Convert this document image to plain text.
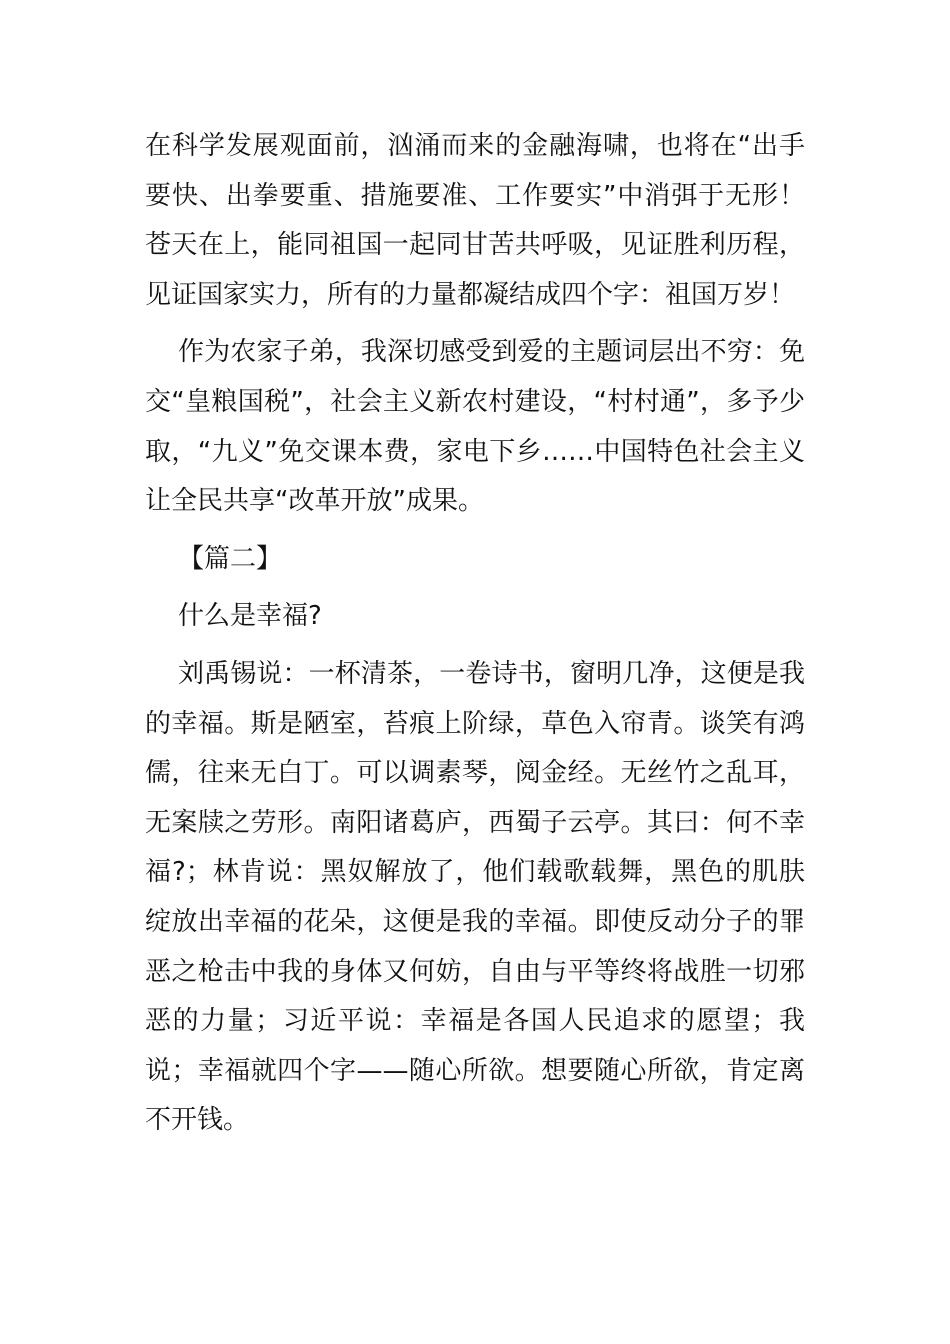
在科学发展观面前，汹涌而来的金融海啸，也将在“出手要快、出拳要重、措施要准、工作要实”中消弭于无形！苍天在上，能同祖国一起同甘苦共呼吸，见证胜利历程，见证国家实力，所有的力量都凝结成四个字：祖国万岁！

作为农家子弟，我深切感受到爱的主题词层出不穷：免交“皇粮国税”，社会主义新农村建设，“村村通”，多予少取，“九义”免交课本费，家电下乡……中国特色社会主义让全民共享“改革开放”成果。

【篇二】

什么是幸福?

刘禹锡说：一杯清茶，一卷诗书，窗明几净，这便是我的幸福。斯是陋室，苔痕上阶绿，草色入帘青。谈笑有鸿儒，往来无白丁。可以调素琴，阅金经。无丝竹之乱耳，无案牍之劳形。南阳诸葛庐，西蜀子云亭。其曰：何不幸福?；林肯说：黑奴解放了，他们载歌载舞，黑色的肌肤绽放出幸福的花朵，这便是我的幸福。即使反动分子的罪恶之枪击中我的身体又何妨，自由与平等终将战胜一切邪恶的力量；习近平说：幸福是各国人民追求的愿望；我说；幸福就四个字——随心所欲。想要随心所欲，肯定离不开钱。
